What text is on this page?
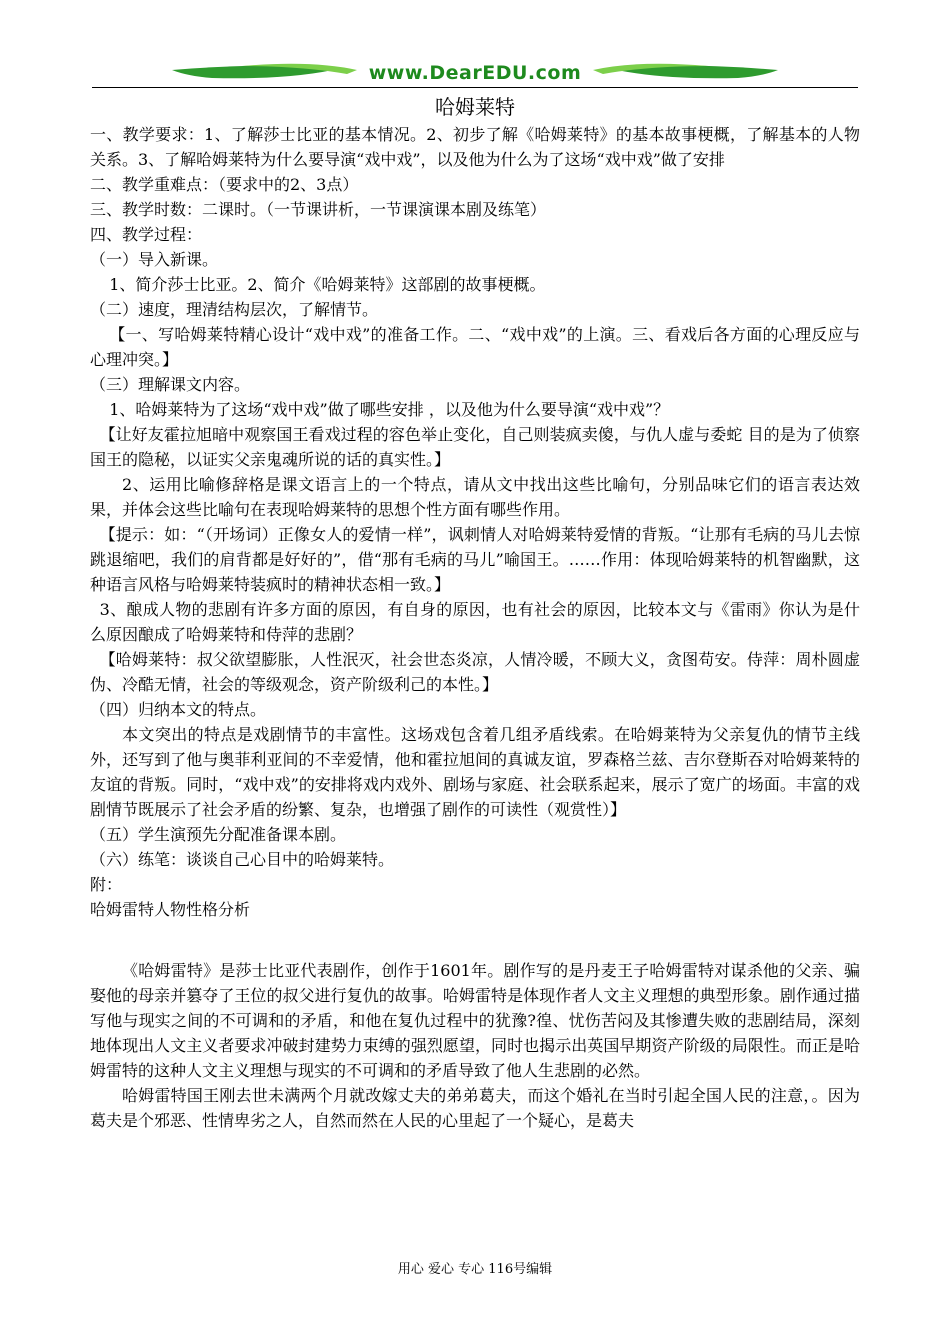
www.DearEDU.com
哈姆莱特

一、教学要求：1、了解莎士比亚的基本情况。2、初步了解《哈姆莱特》的基本故事梗概，了解基本的人物关系。3、了解哈姆莱特为什么要导演“戏中戏”，以及他为什么为了这场“戏中戏”做了安排

二、教学重难点：（要求中的2、3点）

三、教学时数：二课时。（一节课讲析，一节课演课本剧及练笔）

四、教学过程：

（一）导入新课。

1、简介莎士比亚。2、简介《哈姆莱特》这部剧的故事梗概。

（二）速度，理清结构层次，了解情节。

【一、写哈姆莱特精心设计“戏中戏”的准备工作。二、“戏中戏”的上演。三、看戏后各方面的心理反应与心理冲突。】

（三）理解课文内容。

1、哈姆莱特为了这场“戏中戏”做了哪些安排 ，以及他为什么要导演“戏中戏”？

【让好友霍拉旭暗中观察国王看戏过程的容色举止变化，自己则装疯卖傻，与仇人虚与委蛇 目的是为了侦察国王的隐秘，以证实父亲鬼魂所说的话的真实性。】

2、运用比喻修辞格是课文语言上的一个特点，请从文中找出这些比喻句，分别品味它们的语言表达效果，并体会这些比喻句在表现哈姆莱特的思想个性方面有哪些作用。

【提示：如：“（开场词）正像女人的爱情一样”，讽刺情人对哈姆莱特爱情的背叛。“让那有毛病的马儿去惊跳退缩吧，我们的肩背都是好好的”，借“那有毛病的马儿”喻国王。……作用：体现哈姆莱特的机智幽默，这种语言风格与哈姆莱特装疯时的精神状态相一致。】

3、酿成人物的悲剧有许多方面的原因，有自身的原因，也有社会的原因，比较本文与《雷雨》你认为是什么原因酿成了哈姆莱特和侍萍的悲剧？

【哈姆莱特：叔父欲望膨胀，人性泯灭，社会世态炎凉，人情冷暖，不顾大义，贪图苟安。侍萍：周朴圆虚伪、冷酷无情，社会的等级观念，资产阶级利己的本性。】

（四）归纳本文的特点。

本文突出的特点是戏剧情节的丰富性。这场戏包含着几组矛盾线索。在哈姆莱特为父亲复仇的情节主线外，还写到了他与奥菲利亚间的不幸爱情，他和霍拉旭间的真诚友谊，罗森格兰兹、吉尔登斯吞对哈姆莱特的友谊的背叛。同时，“戏中戏”的安排将戏内戏外、剧场与家庭、社会联系起来，展示了宽广的场面。丰富的戏剧情节既展示了社会矛盾的纷繁、复杂，也增强了剧作的可读性（观赏性）】

（五）学生演预先分配准备课本剧。

（六）练笔：谈谈自己心目中的哈姆莱特。

附：

哈姆雷特人物性格分析

《哈姆雷特》是莎士比亚代表剧作，创作于1601年。剧作写的是丹麦王子哈姆雷特对谋杀他的父亲、骗娶他的母亲并篡夺了王位的叔父进行复仇的故事。哈姆雷特是体现作者人文主义理想的典型形象。剧作通过描写他与现实之间的不可调和的矛盾，和他在复仇过程中的犹豫?徨、忧伤苦闷及其惨遭失败的悲剧结局，深刻地体现出人文主义者要求冲破封建势力束缚的强烈愿望，同时也揭示出英国早期资产阶级的局限性。而正是哈姆雷特的这种人文主义理想与现实的不可调和的矛盾导致了他人生悲剧的必然。

哈姆雷特国王刚去世未满两个月就改嫁丈夫的弟弟葛夫，而这个婚礼在当时引起全国人民的注意，。因为葛夫是个邪恶、性情卑劣之人，自然而然在人民的心里起了一个疑心，是葛夫

用心 爱心 专心 116号编辑
